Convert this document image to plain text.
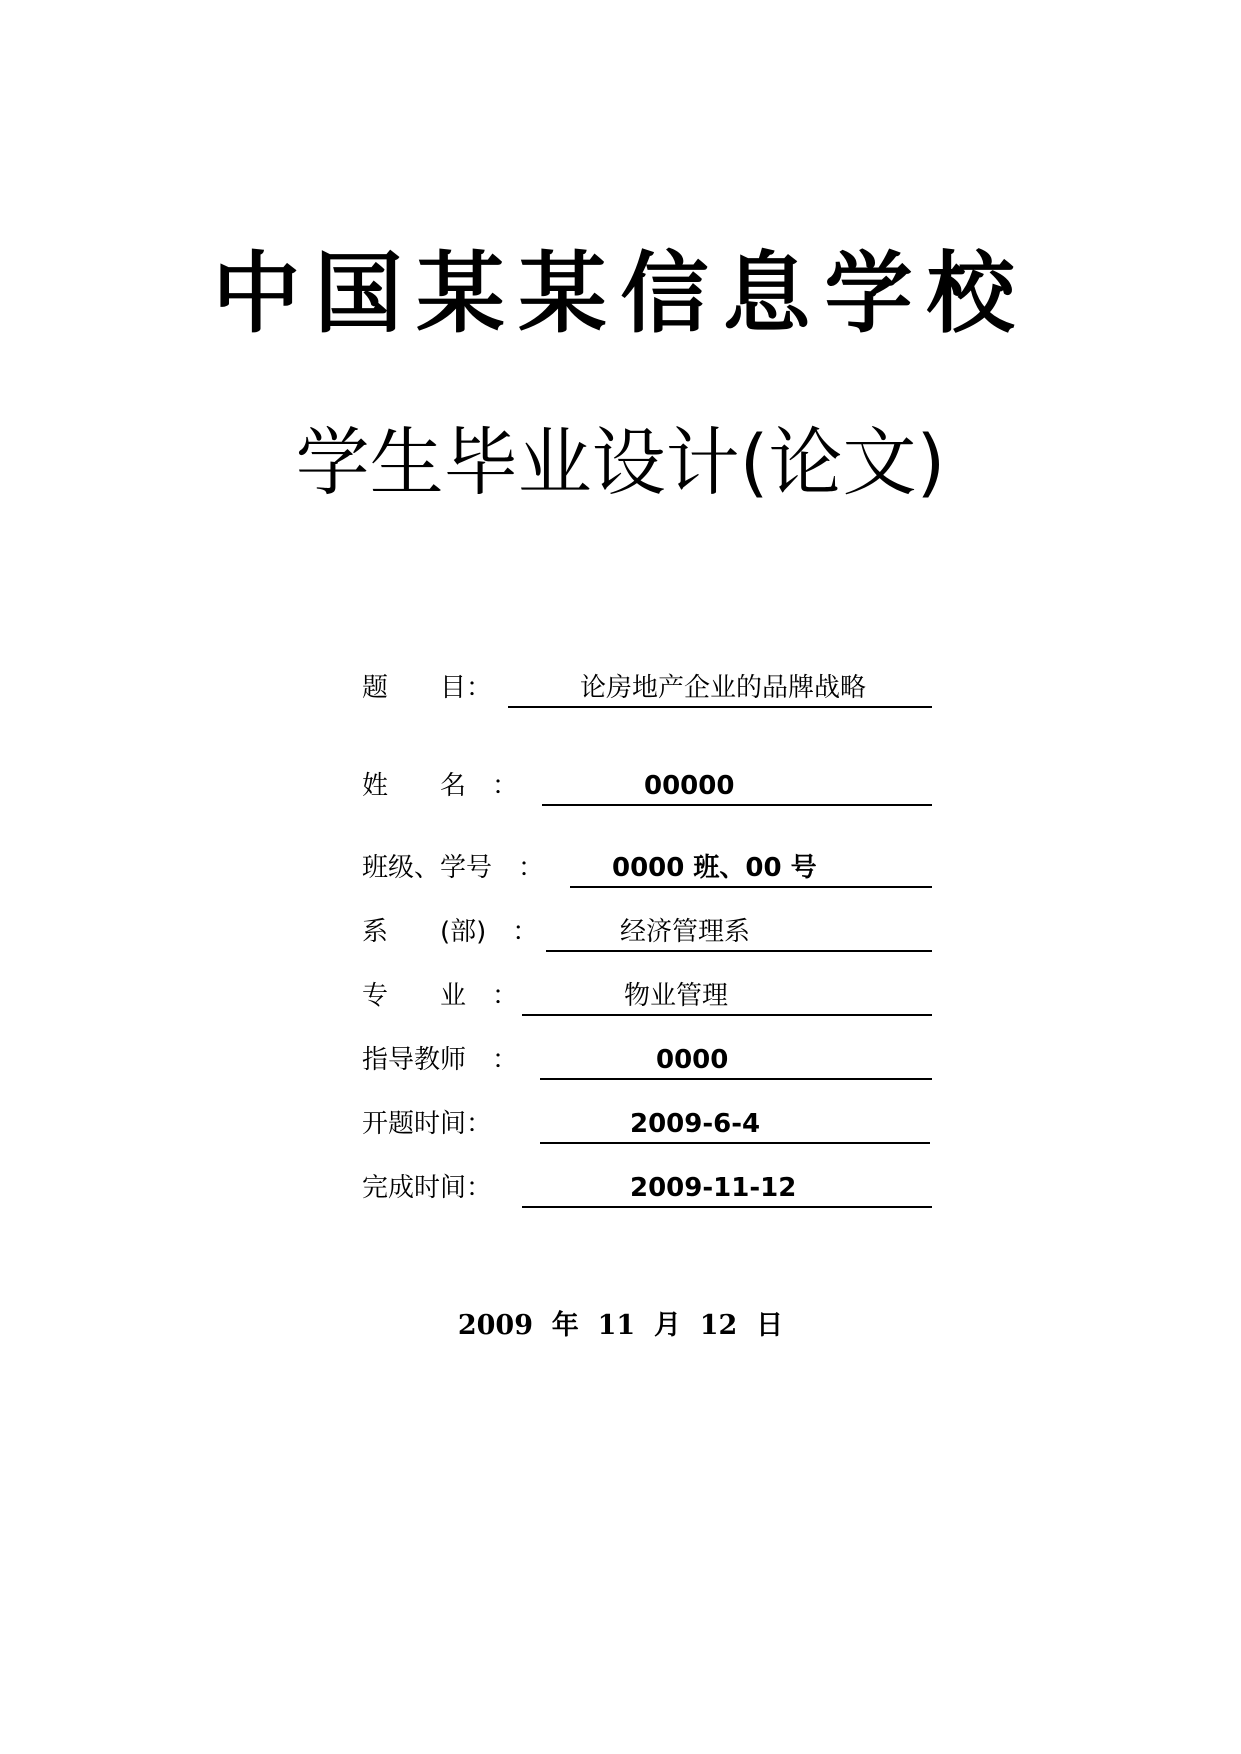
中国某某信息学校
学生毕业设计(论文)
题　　目：	论房地产企业的品牌战略
姓　　名　：	00000
班级、学号　：	0000 班、00 号
系　　(部)　：	经济管理系
专　　业　：	物业管理
指导教师　：	0000
开题时间：	2009-6-4
完成时间：	2009-11-12
2009  年  11  月  12  日
